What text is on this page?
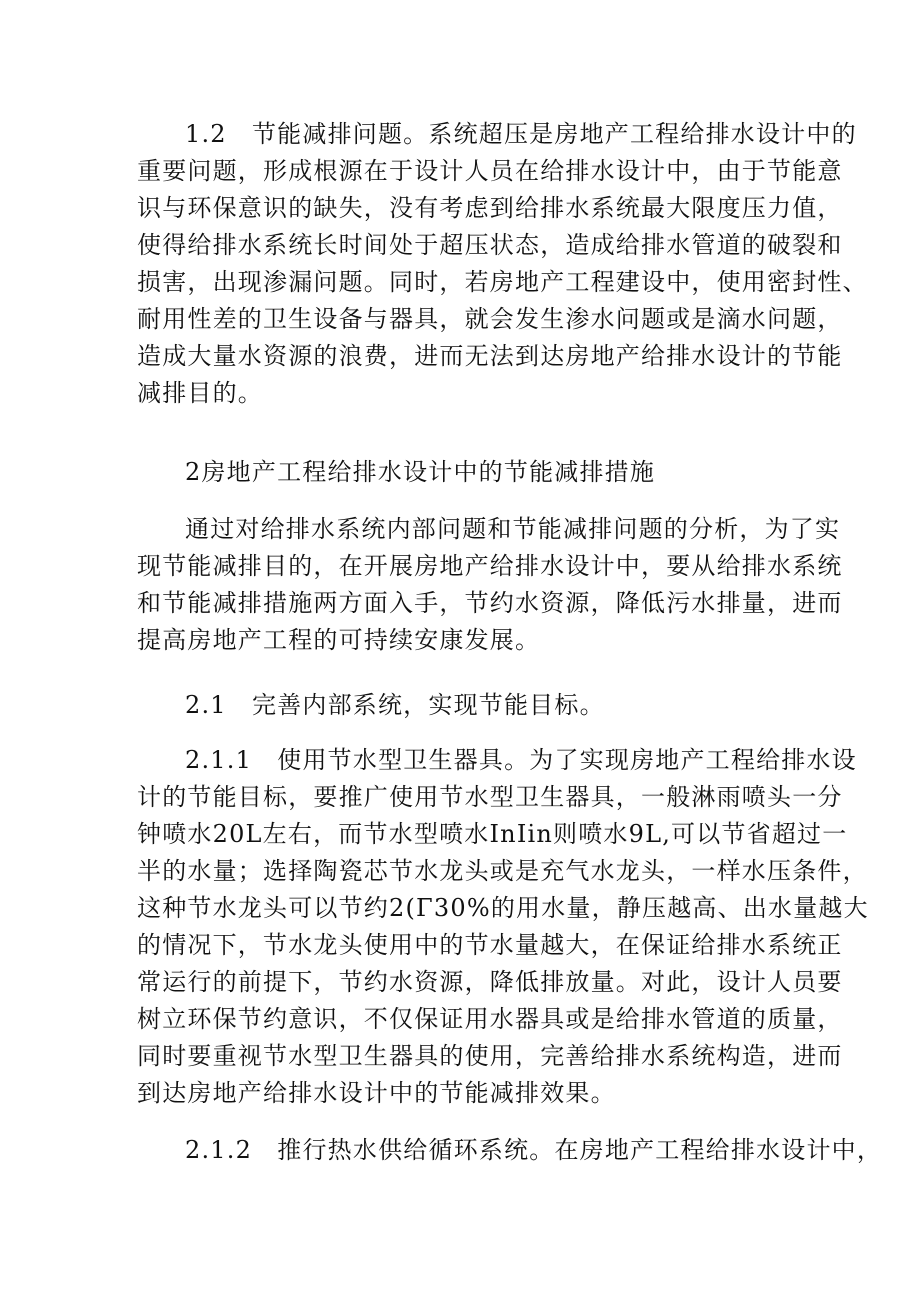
1.2　节能减排问题。系统超压是房地产工程给排水设计中的
重要问题，形成根源在于设计人员在给排水设计中，由于节能意
识与环保意识的缺失，没有考虑到给排水系统最大限度压力值，
使得给排水系统长时间处于超压状态，造成给排水管道的破裂和
损害，出现渗漏问题。同时，若房地产工程建设中，使用密封性、
耐用性差的卫生设备与器具，就会发生渗水问题或是滴水问题，
造成大量水资源的浪费，进而无法到达房地产给排水设计的节能
减排目的。
2房地产工程给排水设计中的节能减排措施
通过对给排水系统内部问题和节能减排问题的分析，为了实
现节能减排目的，在开展房地产给排水设计中，要从给排水系统
和节能减排措施两方面入手，节约水资源，降低污水排量，进而
提高房地产工程的可持续安康发展。
2.1　完善内部系统，实现节能目标。
2.1.1　使用节水型卫生器具。为了实现房地产工程给排水设
计的节能目标，要推广使用节水型卫生器具，一般淋雨喷头一分
钟喷水20L左右，而节水型喷水InIin则喷水9L,可以节省超过一
半的水量；选择陶瓷芯节水龙头或是充气水龙头，一样水压条件，
这种节水龙头可以节约2(Γ30%的用水量，静压越高、出水量越大
的情况下，节水龙头使用中的节水量越大，在保证给排水系统正
常运行的前提下，节约水资源，降低排放量。对此，设计人员要
树立环保节约意识，不仅保证用水器具或是给排水管道的质量，
同时要重视节水型卫生器具的使用，完善给排水系统构造，进而
到达房地产给排水设计中的节能减排效果。
2.1.2　推行热水供给循环系统。在房地产工程给排水设计中，
